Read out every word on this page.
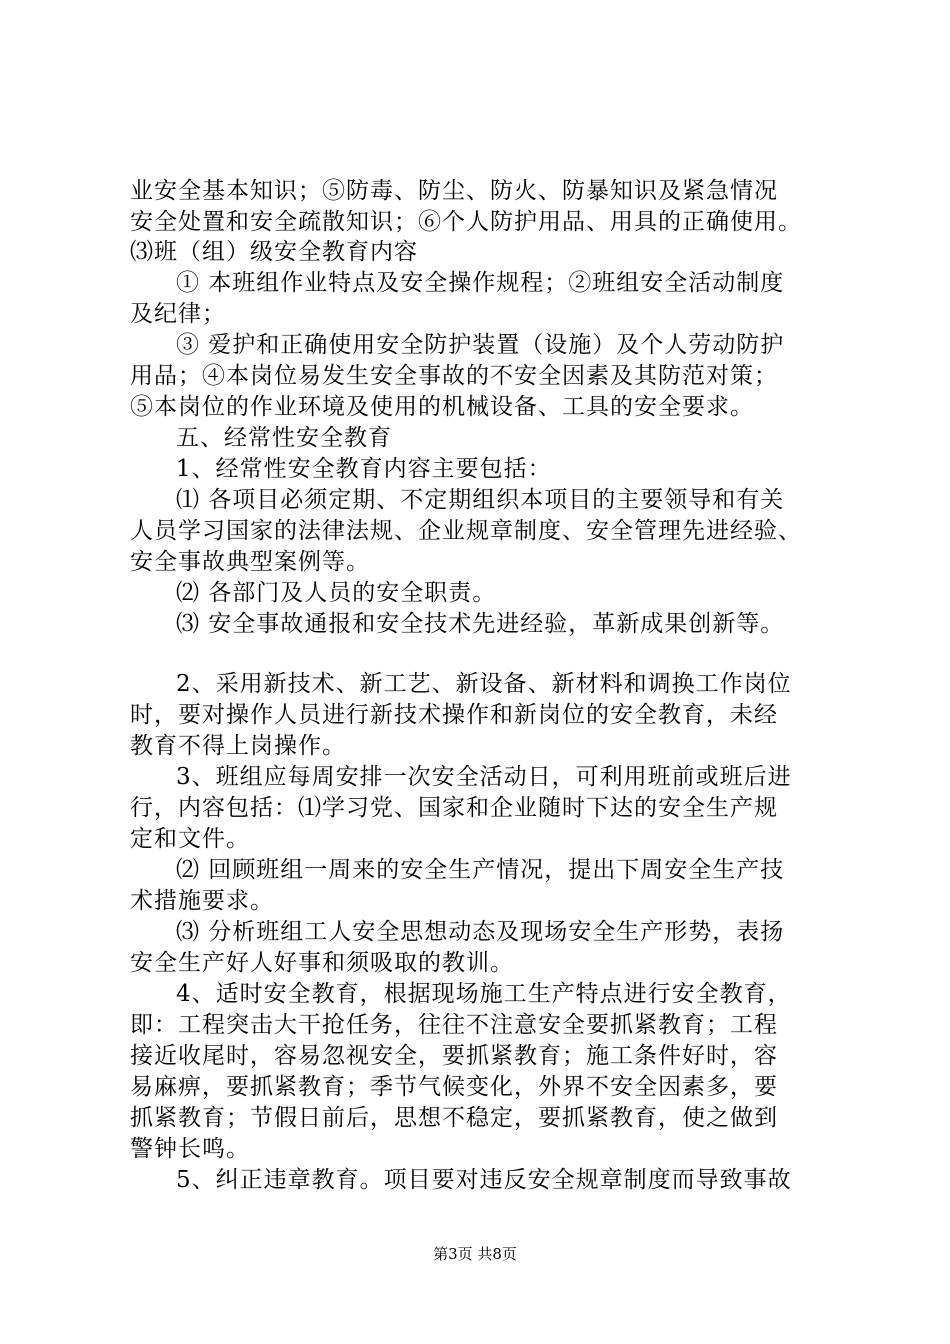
业安全基本知识；⑤防毒、防尘、防火、防暴知识及紧急情况
安全处置和安全疏散知识；⑥个人防护用品、用具的正确使用。
⑶班（组）级安全教育内容
① 本班组作业特点及安全操作规程；②班组安全活动制度
及纪律；
③ 爱护和正确使用安全防护装置（设施）及个人劳动防护
用品；④本岗位易发生安全事故的不安全因素及其防范对策；
⑤本岗位的作业环境及使用的机械设备、工具的安全要求。
五、经常性安全教育
1、经常性安全教育内容主要包括：
⑴ 各项目必须定期、不定期组织本项目的主要领导和有关
人员学习国家的法律法规、企业规章制度、安全管理先进经验、
安全事故典型案例等。
⑵ 各部门及人员的安全职责。
⑶ 安全事故通报和安全技术先进经验，革新成果创新等。
2、采用新技术、新工艺、新设备、新材料和调换工作岗位
时，要对操作人员进行新技术操作和新岗位的安全教育，未经
教育不得上岗操作。
3、班组应每周安排一次安全活动日，可利用班前或班后进
行，内容包括：⑴学习党、国家和企业随时下达的安全生产规
定和文件。
⑵ 回顾班组一周来的安全生产情况，提出下周安全生产技
术措施要求。
⑶ 分析班组工人安全思想动态及现场安全生产形势，表扬
安全生产好人好事和须吸取的教训。
4、适时安全教育，根据现场施工生产特点进行安全教育，
即：工程突击大干抢任务，往往不注意安全要抓紧教育；工程
接近收尾时，容易忽视安全，要抓紧教育；施工条件好时，容
易麻痹，要抓紧教育；季节气候变化，外界不安全因素多，要
抓紧教育；节假日前后，思想不稳定，要抓紧教育，使之做到
警钟长鸣。
5、纠正违章教育。项目要对违反安全规章制度而导致事故
第3页 共8页
